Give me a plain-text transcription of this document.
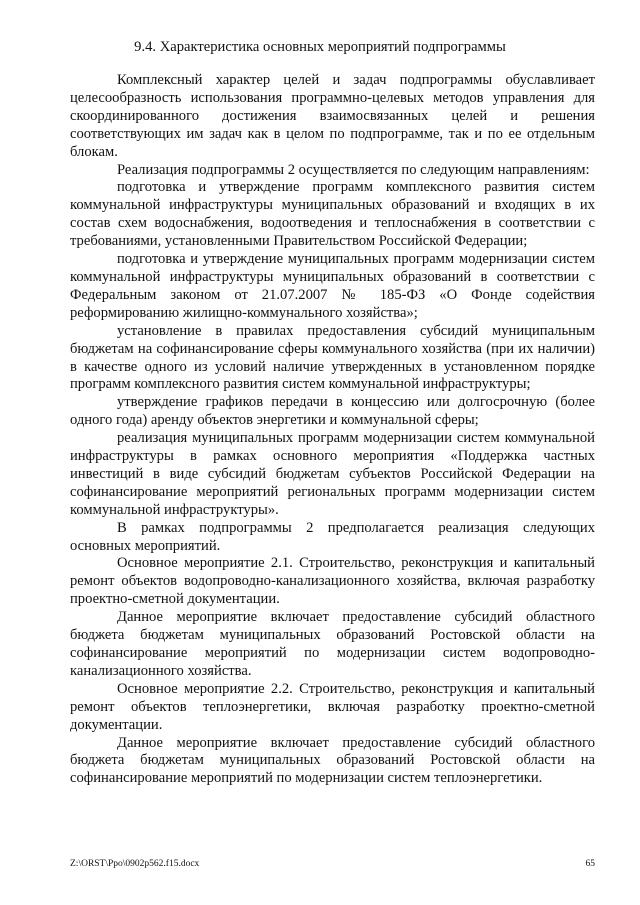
9.4. Характеристика основных мероприятий подпрограммы

Комплексный характер целей и задач подпрограммы обуславливает целесообразность использования программно-целевых методов управления для скоординированного достижения взаимосвязанных целей и решения соответствующих им задач как в целом по подпрограмме, так и по ее отдельным блокам.

Реализация подпрограммы 2 осуществляется по следующим направлениям:

подготовка и утверждение программ комплексного развития систем коммунальной инфраструктуры муниципальных образований и входящих в их состав схем водоснабжения, водоотведения и теплоснабжения в соответствии с требованиями, установленными Правительством Российской Федерации;

подготовка и утверждение муниципальных программ модернизации систем коммунальной инфраструктуры муниципальных образований в соответствии с Федеральным законом от 21.07.2007 № 185-ФЗ «О Фонде содействия реформированию жилищно-коммунального хозяйства»;

установление в правилах предоставления субсидий муниципальным бюджетам на софинансирование сферы коммунального хозяйства (при их наличии) в качестве одного из условий наличие утвержденных в установленном порядке программ комплексного развития систем коммунальной инфраструктуры;

утверждение графиков передачи в концессию или долгосрочную (более одного года) аренду объектов энергетики и коммунальной сферы;

реализация муниципальных программ модернизации систем коммунальной инфраструктуры в рамках основного мероприятия «Поддержка частных инвестиций в виде субсидий бюджетам субъектов Российской Федерации на софинансирование мероприятий региональных программ модернизации систем коммунальной инфраструктуры».

В рамках подпрограммы 2 предполагается реализация следующих основных мероприятий.

Основное мероприятие 2.1. Строительство, реконструкция и капитальный ремонт объектов водопроводно-канализационного хозяйства, включая разработку проектно-сметной документации.

Данное мероприятие включает предоставление субсидий областного бюджета бюджетам муниципальных образований Ростовской области на софинансирование мероприятий по модернизации систем водопроводно-канализационного хозяйства.

Основное мероприятие 2.2. Строительство, реконструкция и капитальный ремонт объектов теплоэнергетики, включая разработку проектно-сметной документации.

Данное мероприятие включает предоставление субсидий областного бюджета бюджетам муниципальных образований Ростовской области на софинансирование мероприятий по модернизации систем теплоэнергетики.

Z:\ORST\Ppo\0902p562.f15.docx	65
